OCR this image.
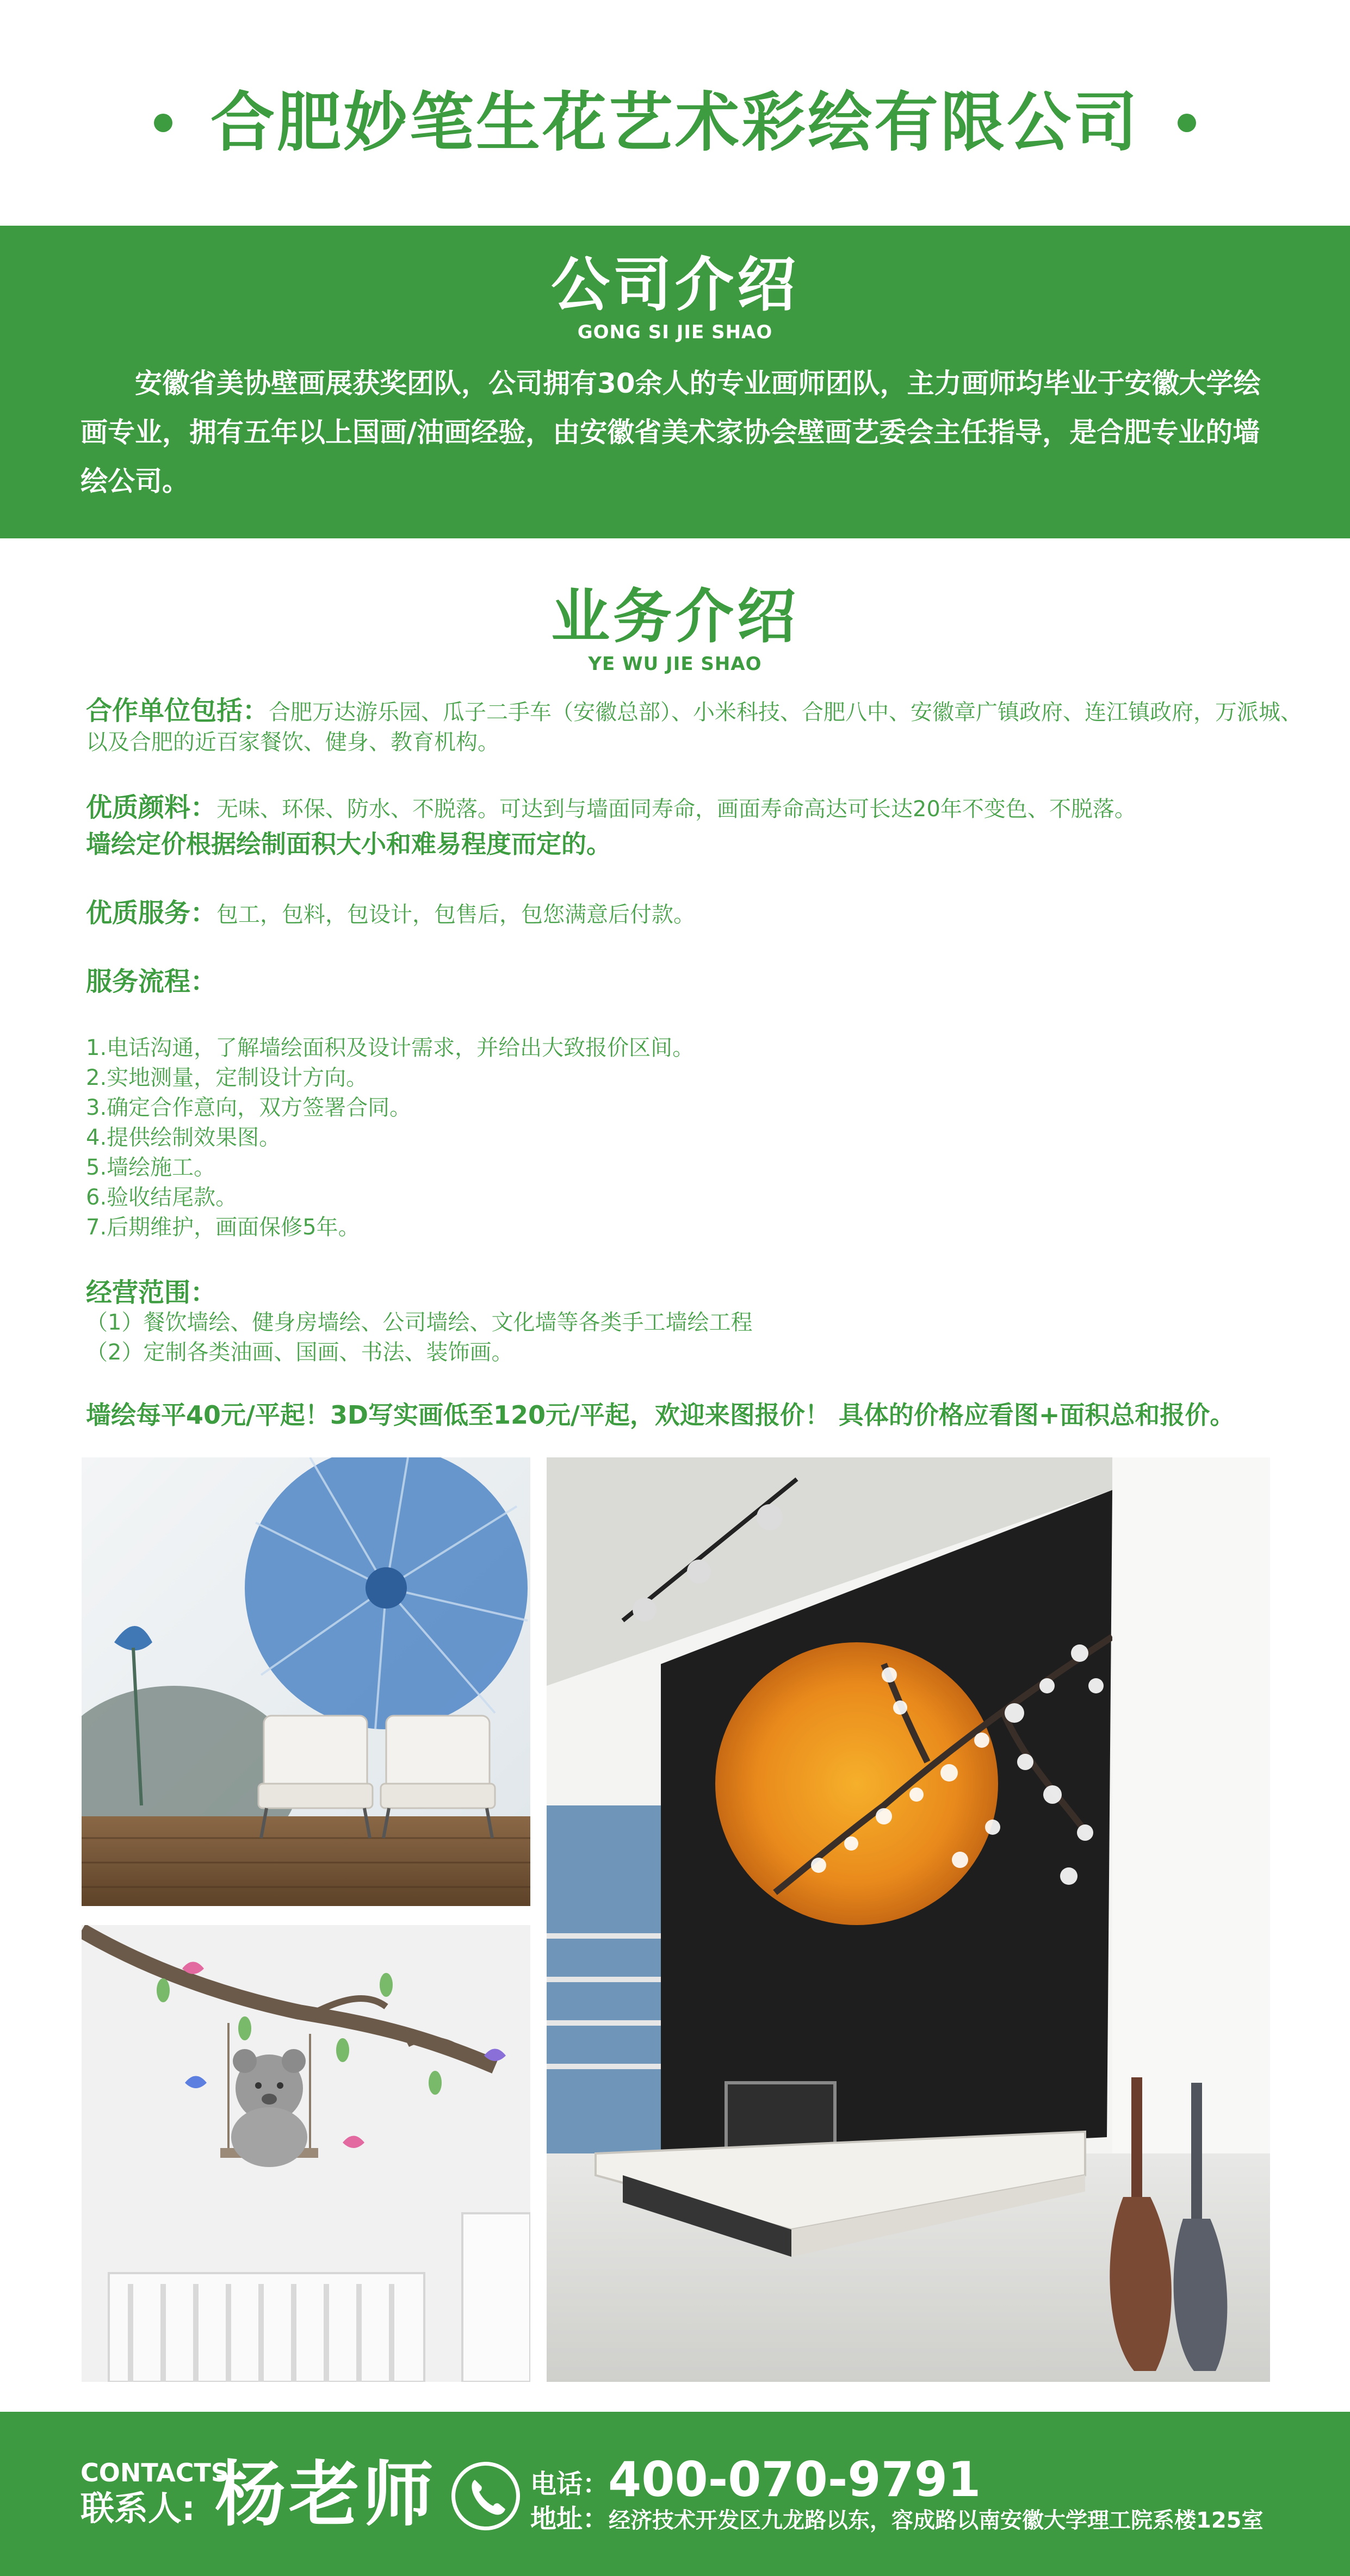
合肥妙笔生花艺术彩绘有限公司
公司介绍
GONG SI JIE SHAO
安徽省美协壁画展获奖团队，公司拥有30余人的专业画师团队，主力画师均毕业于安徽大学绘画专业，拥有五年以上国画/油画经验，由安徽省美术家协会壁画艺委会主任指导，是合肥专业的墙绘公司。
业务介绍
YE WU JIE SHAO
合作单位包括：合肥万达游乐园、瓜子二手车（安徽总部）、小米科技、合肥八中、安徽章广镇政府、连江镇政府，万派城、以及合肥的近百家餐饮、健身、教育机构。
优质颜料：无味、环保、防水、不脱落。可达到与墙面同寿命，画面寿命高达可长达20年不变色、不脱落。
墙绘定价根据绘制面积大小和难易程度而定的。
优质服务：包工，包料，包设计，包售后，包您满意后付款。
服务流程：
1.电话沟通，了解墙绘面积及设计需求，并给出大致报价区间。
2.实地测量，定制设计方向。
3.确定合作意向，双方签署合同。
4.提供绘制效果图。
5.墙绘施工。
6.验收结尾款。
7.后期维护，画面保修5年。
经营范围：
（1）餐饮墙绘、健身房墙绘、公司墙绘、文化墙等各类手工墙绘工程
（2）定制各类油画、国画、书法、装饰画。
墙绘每平40元/平起！3D写实画低至120元/平起，欢迎来图报价！ 具体的价格应看图+面积总和报价。
CONTACTS
联系人: 杨老师	电话：
400-070-9791
地址：经济技术开发区九龙路以东，容成路以南安徽大学理工院系楼125室
